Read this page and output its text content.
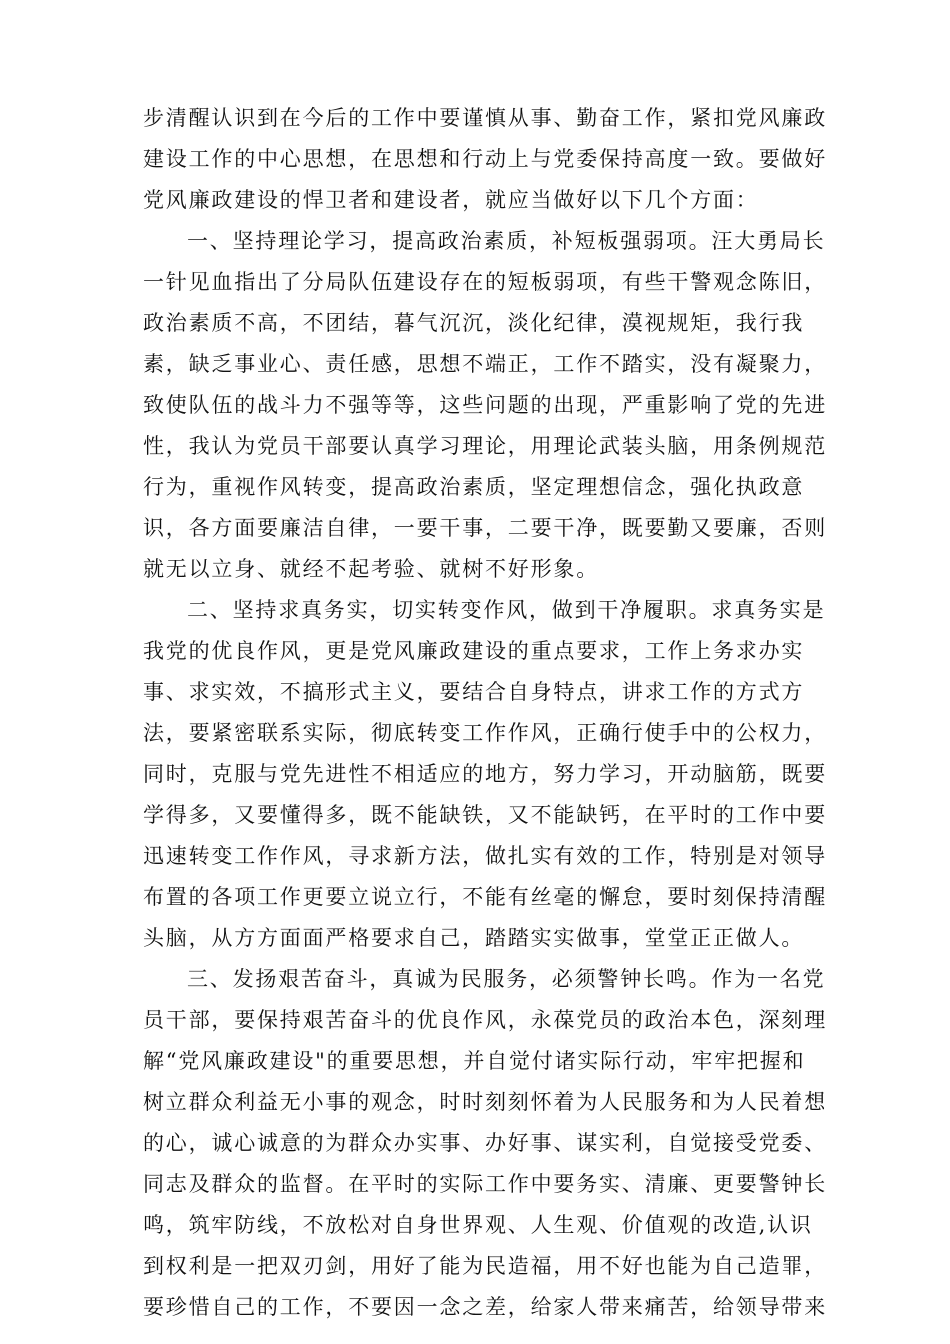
步清醒认识到在今后的工作中要谨慎从事、勤奋工作，紧扣党风廉政
建设工作的中心思想，在思想和行动上与党委保持高度一致。要做好
党风廉政建设的悍卫者和建设者，就应当做好以下几个方面：
一、坚持理论学习，提高政治素质，补短板强弱项。汪大勇局长
一针见血指出了分局队伍建设存在的短板弱项，有些干警观念陈旧，
政治素质不高，不团结，暮气沉沉，淡化纪律，漠视规矩，我行我
素，缺乏事业心、责任感，思想不端正，工作不踏实，没有凝聚力，
致使队伍的战斗力不强等等，这些问题的出现，严重影响了党的先进
性，我认为党员干部要认真学习理论，用理论武装头脑，用条例规范
行为，重视作风转变，提高政治素质，坚定理想信念，强化执政意
识，各方面要廉洁自律，一要干事，二要干净，既要勤又要廉，否则
就无以立身、就经不起考验、就树不好形象。
二、坚持求真务实，切实转变作风，做到干净履职。求真务实是
我党的优良作风，更是党风廉政建设的重点要求，工作上务求办实
事、求实效，不搞形式主义，要结合自身特点，讲求工作的方式方
法，要紧密联系实际，彻底转变工作作风，正确行使手中的公权力，
同时，克服与党先进性不相适应的地方，努力学习，开动脑筋，既要
学得多，又要懂得多，既不能缺铁，又不能缺钙，在平时的工作中要
迅速转变工作作风，寻求新方法，做扎实有效的工作，特别是对领导
布置的各项工作更要立说立行，不能有丝毫的懈怠，要时刻保持清醒
头脑，从方方面面严格要求自己，踏踏实实做事，堂堂正正做人。
三、发扬艰苦奋斗，真诚为民服务，必须警钟长鸣。作为一名党
员干部，要保持艰苦奋斗的优良作风，永葆党员的政治本色，深刻理
解“党风廉政建设"的重要思想，并自觉付诸实际行动，牢牢把握和
树立群众利益无小事的观念，时时刻刻怀着为人民服务和为人民着想
的心，诚心诚意的为群众办实事、办好事、谋实利，自觉接受党委、
同志及群众的监督。在平时的实际工作中要务实、清廉、更要警钟长
鸣，筑牢防线，不放松对自身世界观、人生观、价值观的改造,认识
到权利是一把双刃剑，用好了能为民造福，用不好也能为自己造罪，
要珍惜自己的工作，不要因一念之差，给家人带来痛苦，给领导带来
